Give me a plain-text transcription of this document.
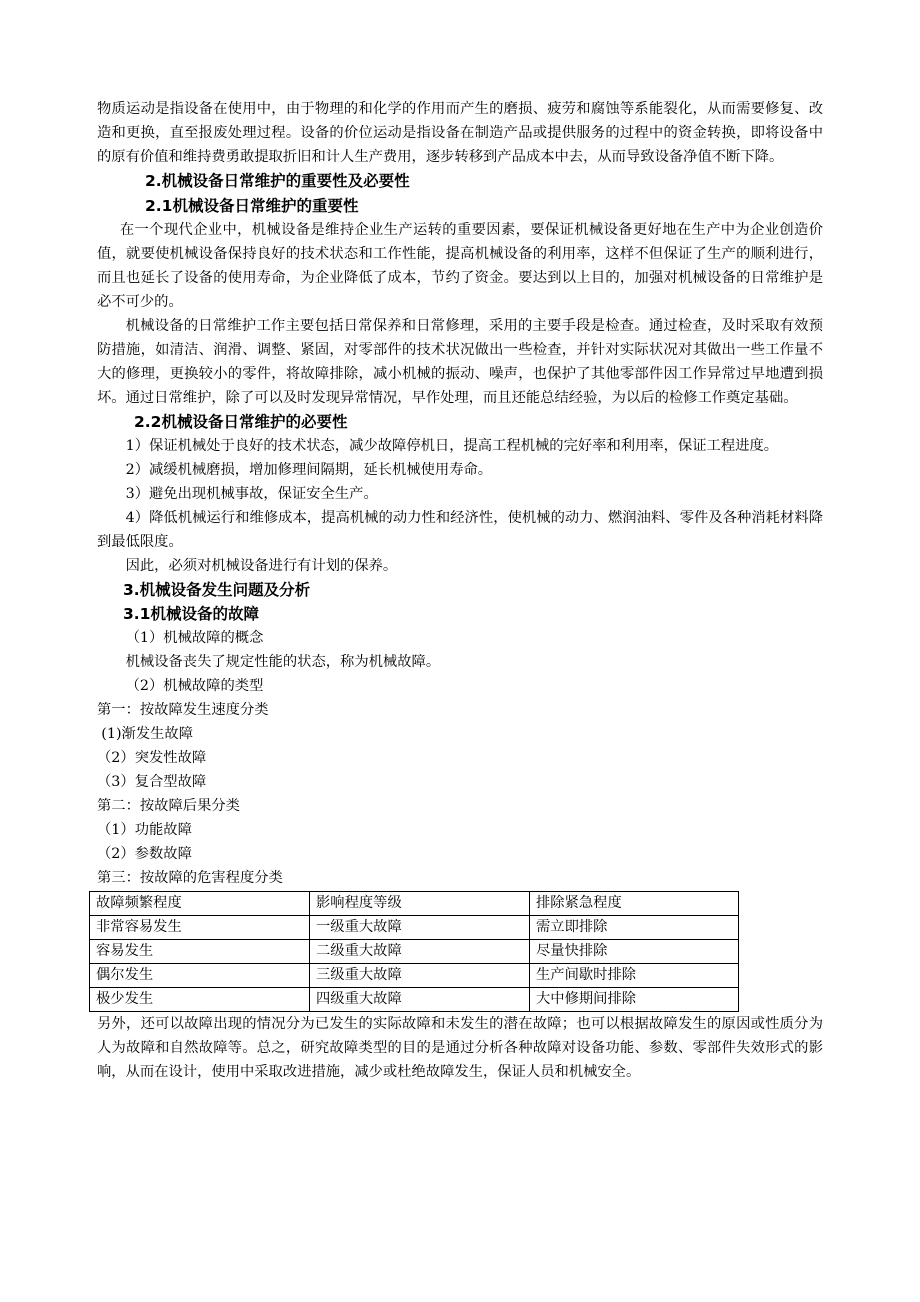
物质运动是指设备在使用中，由于物理的和化学的作用而产生的磨损、疲劳和腐蚀等系能裂化，从而需要修复、改造和更换，直至报废处理过程。设备的价位运动是指设备在制造产品或提供服务的过程中的资金转换，即将设备中的原有价值和维持费勇敢提取折旧和计人生产费用，逐步转移到产品成本中去，从而导致设备净值不断下降。

2.机械设备日常维护的重要性及必要性

2.1机械设备日常维护的重要性

在一个现代企业中，机械设备是维持企业生产运转的重要因素，要保证机械设备更好地在生产中为企业创造价值，就要使机械设备保持良好的技术状态和工作性能，提高机械设备的利用率，这样不但保证了生产的顺利进行，而且也延长了设备的使用寿命，为企业降低了成本，节约了资金。要达到以上目的，加强对机械设备的日常维护是必不可少的。

机械设备的日常维护工作主要包括日常保养和日常修理，采用的主要手段是检查。通过检查，及时采取有效预防措施，如清洁、润滑、调整、紧固，对零部件的技术状况做出一些检查，并针对实际状况对其做出一些工作量不大的修理，更换较小的零件，将故障排除，减小机械的振动、噪声，也保护了其他零部件因工作异常过早地遭到损坏。通过日常维护，除了可以及时发现异常情况，早作处理，而且还能总结经验，为以后的检修工作奠定基础。

2.2机械设备日常维护的必要性

1）保证机械处于良好的技术状态，减少故障停机日，提高工程机械的完好率和利用率，保证工程进度。

2）减缓机械磨损，增加修理间隔期，延长机械使用寿命。

3）避免出现机械事故，保证安全生产。

4）降低机械运行和维修成本，提高机械的动力性和经济性，使机械的动力、燃润油料、零件及各种消耗材料降到最低限度。

因此，必须对机械设备进行有计划的保养。

3.机械设备发生问题及分析

3.1机械设备的故障

（1）机械故障的概念

机械设备丧失了规定性能的状态，称为机械故障。

（2）机械故障的类型

第一：按故障发生速度分类

(1)渐发生故障

（2）突发性故障

（3）复合型故障

第二：按故障后果分类

（1）功能故障

（2）参数故障

第三：按故障的危害程度分类

故障频繁程度	影响程度等级	排除紧急程度
非常容易发生	一级重大故障	需立即排除
容易发生	二级重大故障	尽量快排除
偶尔发生	三级重大故障	生产间歇时排除
极少发生	四级重大故障	大中修期间排除

另外，还可以故障出现的情况分为已发生的实际故障和未发生的潜在故障；也可以根据故障发生的原因或性质分为人为故障和自然故障等。总之，研究故障类型的目的是通过分析各种故障对设备功能、参数、零部件失效形式的影响，从而在设计，使用中采取改进措施，减少或杜绝故障发生，保证人员和机械安全。
